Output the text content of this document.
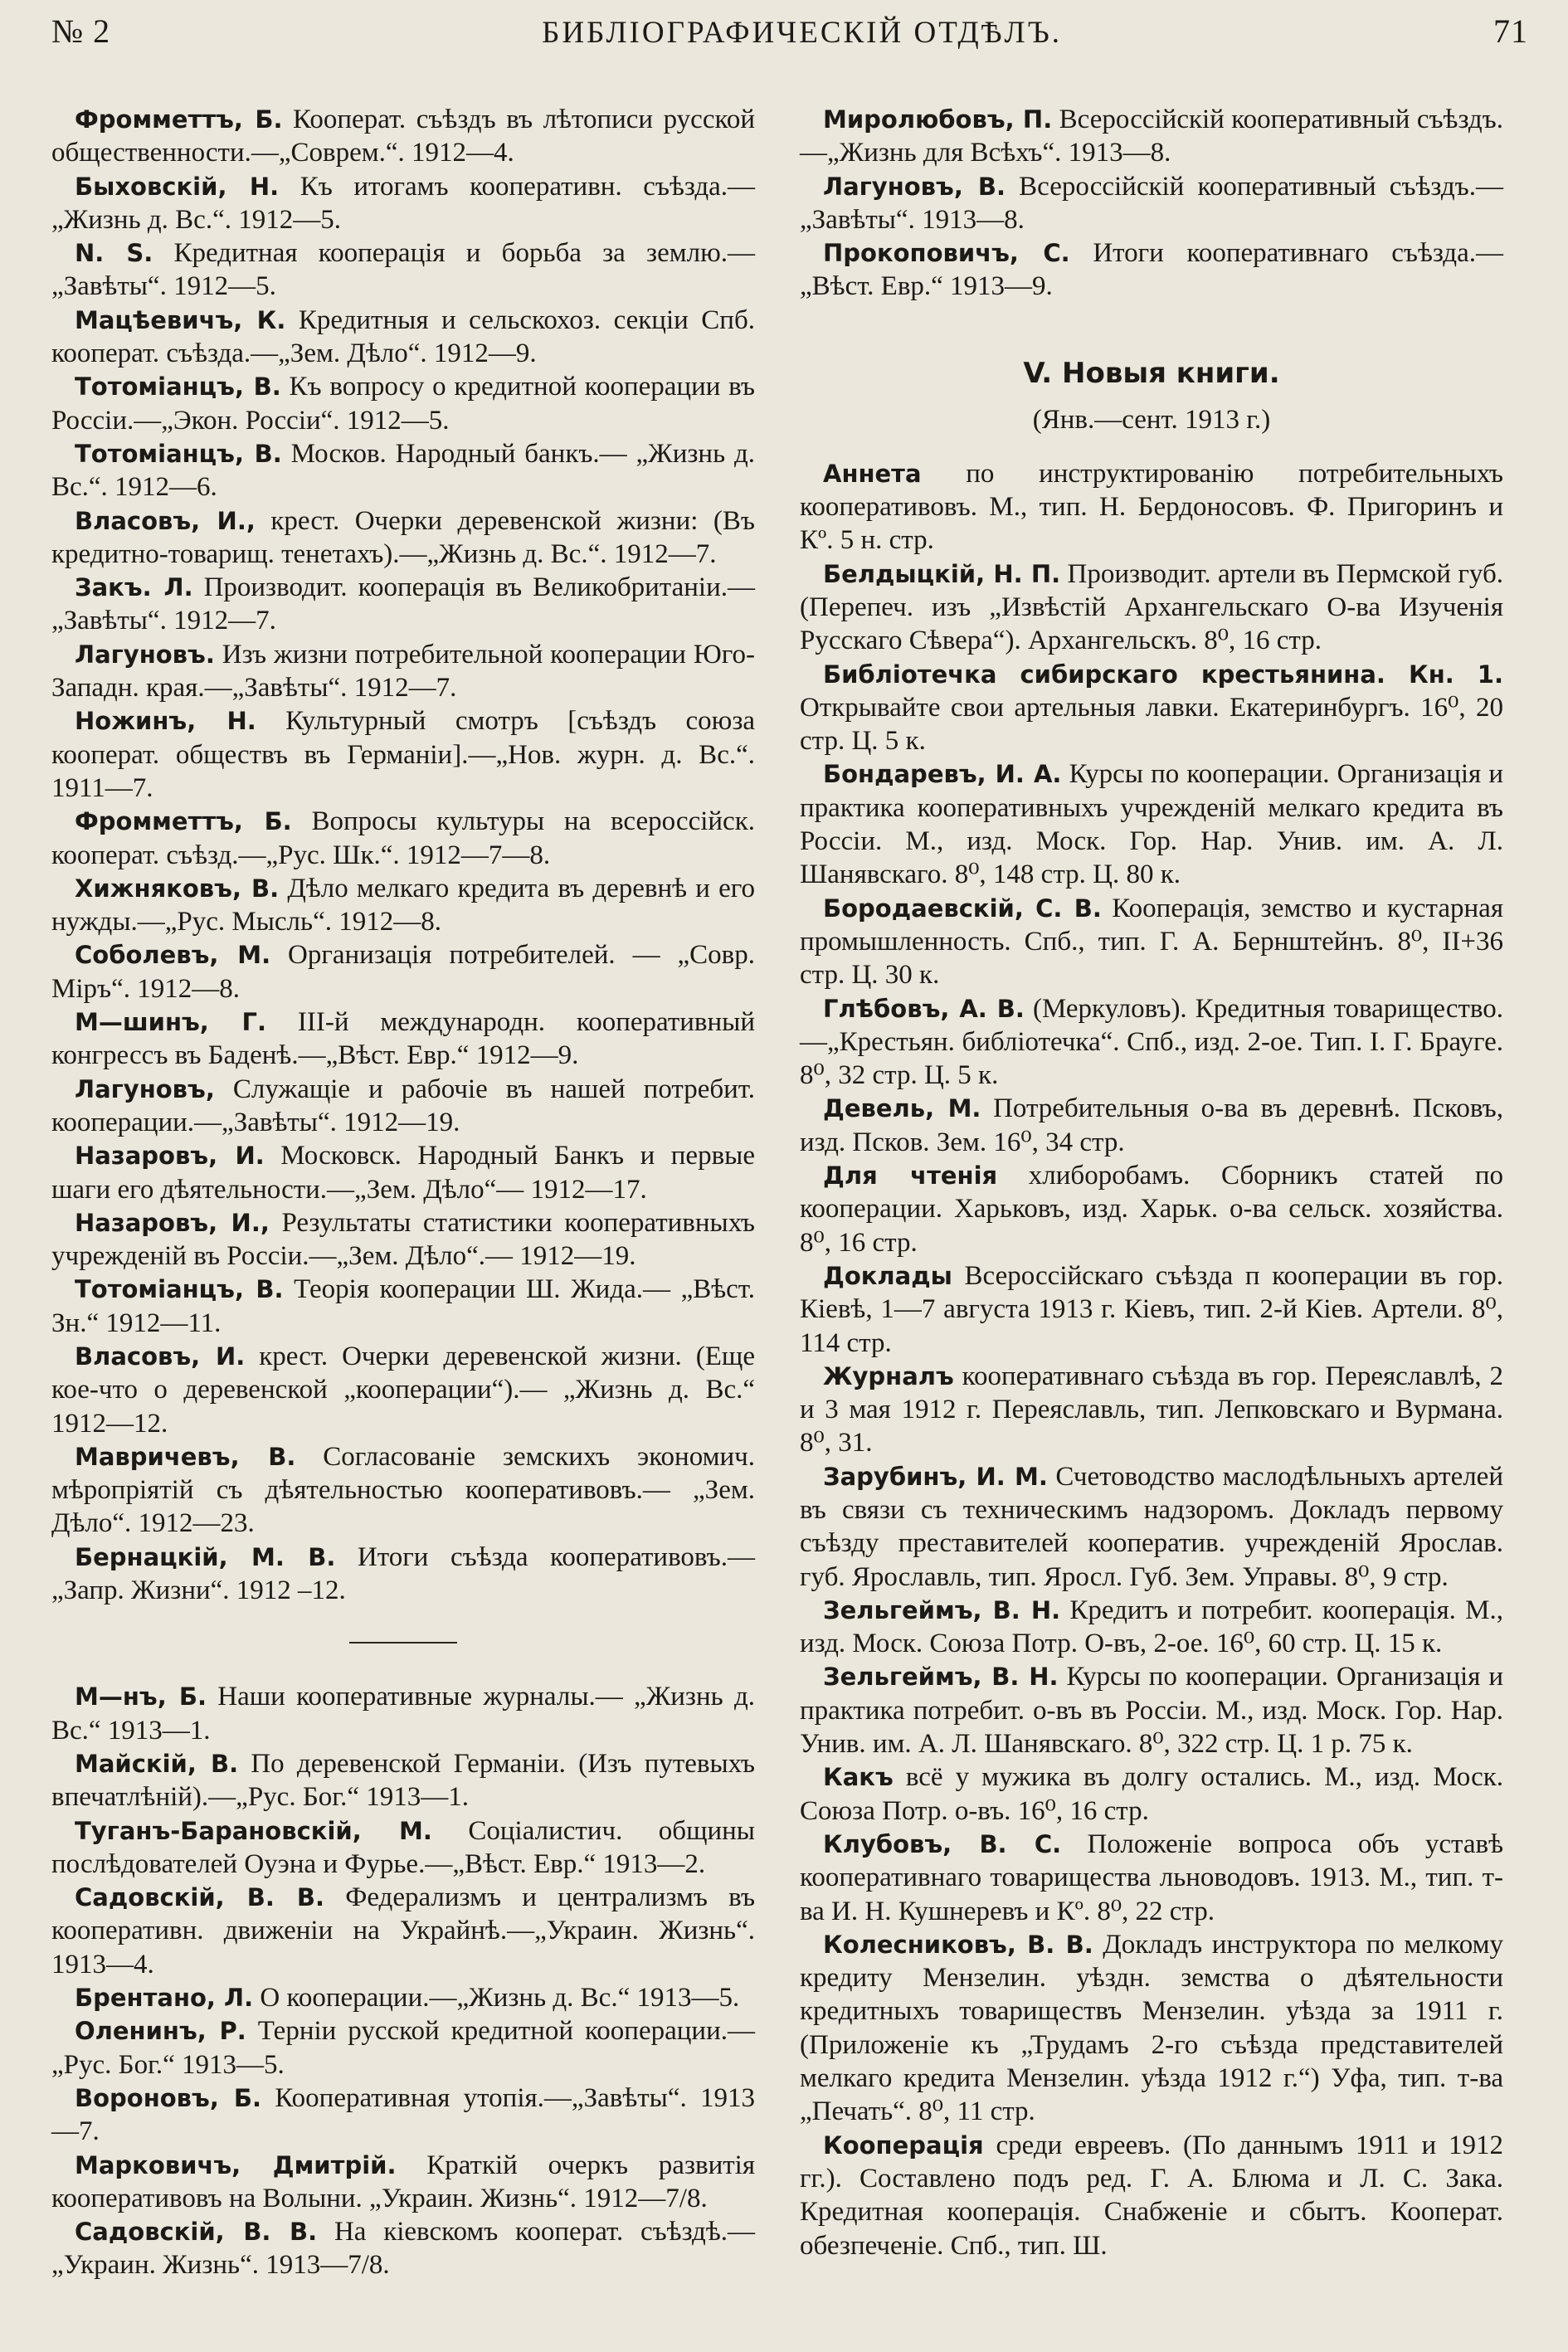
№ 2	БИБЛІОГРАФИЧЕСКІЙ ОТДѢЛЪ.	71

Фромметтъ, Б. Кооперат. съѣздъ въ лѣтописи русской общественности.—„Соврем.“. 1912—4.

Быховскій, Н. Къ итогамъ кооперативн. съѣзда.—„Жизнь д. Вс.“. 1912—5.

N. S. Кредитная кооперація и борьба за землю.—„Завѣты“. 1912—5.

Мацѣевичъ, К. Кредитныя и сельскохоз. секціи Спб. кооперат. съѣзда.—„Зем. Дѣло“. 1912—9.

Тотоміанцъ, В. Къ вопросу о кредитной кооперации въ Россіи.—„Экон. Россіи“. 1912—5.

Тотоміанцъ, В. Москов. Народный банкъ.— „Жизнь д. Вс.“. 1912—6.

Власовъ, И., крест. Очерки деревенской жизни: (Въ кредитно-товарищ. тенетахъ).—„Жизнь д. Вс.“. 1912—7.

Закъ. Л. Производит. кооперація въ Великобританіи.—„Завѣты“. 1912—7.

Лагуновъ. Изъ жизни потребительной кооперации Юго-Западн. края.—„Завѣты“. 1912—7.

Ножинъ, Н. Культурный смотръ [съѣздъ союза кооперат. обществъ въ Германіи].—„Нов. журн. д. Вс.“. 1911—7.

Фромметтъ, Б. Вопросы культуры на всероссійск. кооперат. съѣзд.—„Рус. Шк.“. 1912—7—8.

Хижняковъ, В. Дѣло мелкаго кредита въ деревнѣ и его нужды.—„Рус. Мысль“. 1912—8.

Соболевъ, М. Организація потребителей. — „Совр. Міръ“. 1912—8.

М—шинъ, Г. III-й международн. кооперативный конгрессъ въ Баденѣ.—„Вѣст. Евр.“ 1912—9.

Лагуновъ, Служащіе и рабочіе въ нашей потребит. кооперации.—„Завѣты“. 1912—19.

Назаровъ, И. Московск. Народный Банкъ и первые шаги его дѣятельности.—„Зем. Дѣло“— 1912—17.

Назаровъ, И., Результаты статистики кооперативныхъ учрежденій въ Россіи.—„Зем. Дѣло“.— 1912—19.

Тотоміанцъ, В. Теорія кооперации Ш. Жида.— „Вѣст. Зн.“ 1912—11.

Власовъ, И. крест. Очерки деревенской жизни. (Еще кое-что о деревенской „кооперации“).— „Жизнь д. Вс.“ 1912—12.

Мавричевъ, В. Согласованіе земскихъ экономич. мѣропріятій съ дѣятельностью кооперативовъ.— „Зем. Дѣло“. 1912—23.

Бернацкій, М. В. Итоги съѣзда кооперативовъ.— „Запр. Жизни“. 1912 –12.

М—нъ, Б. Наши кооперативные журналы.— „Жизнь д. Вс.“ 1913—1.

Майскій, В. По деревенской Германіи. (Изъ путевыхъ впечатлѣній).—„Рус. Бог.“ 1913—1.

Туганъ-Барановскій, М. Соціалистич. общины послѣдователей Оуэна и Фурье.—„Вѣст. Евр.“ 1913—2.

Садовскій, В. В. Федерализмъ и централизмъ въ кооперативн. движеніи на Украйнѣ.—„Украин. Жизнь“. 1913—4.

Брентано, Л. О кооперации.—„Жизнь д. Вс.“ 1913—5.

Оленинъ, Р. Терніи русской кредитной кооперации.—„Рус. Бог.“ 1913—5.

Вороновъ, Б. Кооперативная утопія.—„Завѣты“. 1913—7.

Марковичъ, Дмитрій. Краткій очеркъ развитія кооперативовъ на Волыни. „Украин. Жизнь“. 1912—7/8.

Садовскій, В. В. На кіевскомъ кооперат. съѣздѣ.— „Украин. Жизнь“. 1913—7/8.

Миролюбовъ, П. Всероссійскій кооперативный съѣздъ.—„Жизнь для Всѣхъ“. 1913—8.

Лагуновъ, В. Всероссійскій кооперативный съѣздъ.—„Завѣты“. 1913—8.

Прокоповичъ, С. Итоги кооперативнаго съѣзда.— „Вѣст. Евр.“ 1913—9.

V. Новыя книги.
(Янв.—сент. 1913 г.)

Аннета по инструктированію потребительныхъ кооперативовъ. М., тип. Н. Бердоносовъ. Ф. Пригоринъ и Кº. 5 н. стр.

Белдыцкій, Н. П. Производит. артели въ Пермской губ. (Перепеч. изъ „Извѣстій Архангельскаго О-ва Изученія Русскаго Сѣвера“). Архангельскъ. 8⁰, 16 стр.

Библіотечка сибирскаго крестьянина. Кн. 1. Открывайте свои артельныя лавки. Екатеринбургъ. 16⁰, 20 стр. Ц. 5 к.

Бондаревъ, И. А. Курсы по кооперации. Организація и практика кооперативныхъ учрежденій мелкаго кредита въ Россіи. М., изд. Моск. Гор. Нар. Унив. им. А. Л. Шанявскаго. 8⁰, 148 стр. Ц. 80 к.

Бородаевскій, С. В. Кооперація, земство и кустарная промышленность. Спб., тип. Г. А. Бернштейнъ. 8⁰, II+36 стр. Ц. 30 к.

Глѣбовъ, А. В. (Меркуловъ). Кредитныя товарищество.—„Крестьян. библіотечка“. Спб., изд. 2-ое. Тип. I. Г. Брауге. 8⁰, 32 стр. Ц. 5 к.

Девель, М. Потребительныя о-ва въ деревнѣ. Псковъ, изд. Псков. Зем. 16⁰, 34 стр.

Для чтенія хлиборобамъ. Сборникъ статей по кооперации. Харьковъ, изд. Харьк. о-ва сельск. хозяйства. 8⁰, 16 стр.

Доклады Всероссійскаго съѣзда п кооперации въ гор. Кіевѣ, 1—7 августа 1913 г. Кіевъ, тип. 2-й Кіев. Артели. 8⁰, 114 стр.

Журналъ кооперативнаго съѣзда въ гор. Переяславлѣ, 2 и 3 мая 1912 г. Переяславль, тип. Лепковскаго и Вурмана. 8⁰, 31.

Зарубинъ, И. М. Счетоводство маслодѣльныхъ артелей въ связи съ техническимъ надзоромъ. Докладъ первому съѣзду преставителей кооператив. учрежденій Ярослав. губ. Ярославль, тип. Яросл. Губ. Зем. Управы. 8⁰, 9 стр.

Зельгеймъ, В. Н. Кредитъ и потребит. кооперація. М., изд. Моск. Союза Потр. О-въ, 2-ое. 16⁰, 60 стр. Ц. 15 к.

Зельгеймъ, В. Н. Курсы по кооперации. Организація и практика потребит. о-въ въ Россіи. М., изд. Моск. Гор. Нар. Унив. им. А. Л. Шанявскаго. 8⁰, 322 стр. Ц. 1 р. 75 к.

Какъ всё у мужика въ долгу остались. М., изд. Моск. Союза Потр. о-въ. 16⁰, 16 стр.

Клубовъ, В. С. Положеніе вопроса объ уставѣ кооперативнаго товарищества льноводовъ. 1913. М., тип. т-ва И. Н. Кушнеревъ и Кº. 8⁰, 22 стр.

Колесниковъ, В. В. Докладъ инструктора по мелкому кредиту Мензелин. уѣздн. земства о дѣятельности кредитныхъ товариществъ Мензелин. уѣзда за 1911 г. (Приложеніе къ „Трудамъ 2-го съѣзда представителей мелкаго кредита Мензелин. уѣзда 1912 г.“) Уфа, тип. т-ва „Печать“. 8⁰, 11 стр.

Кооперація среди евреевъ. (По даннымъ 1911 и 1912 гг.). Составлено подъ ред. Г. А. Блюма и Л. С. Зака. Кредитная кооперація. Снабженіе и сбытъ. Кооперат. обезпеченіе. Спб., тип. Ш.
